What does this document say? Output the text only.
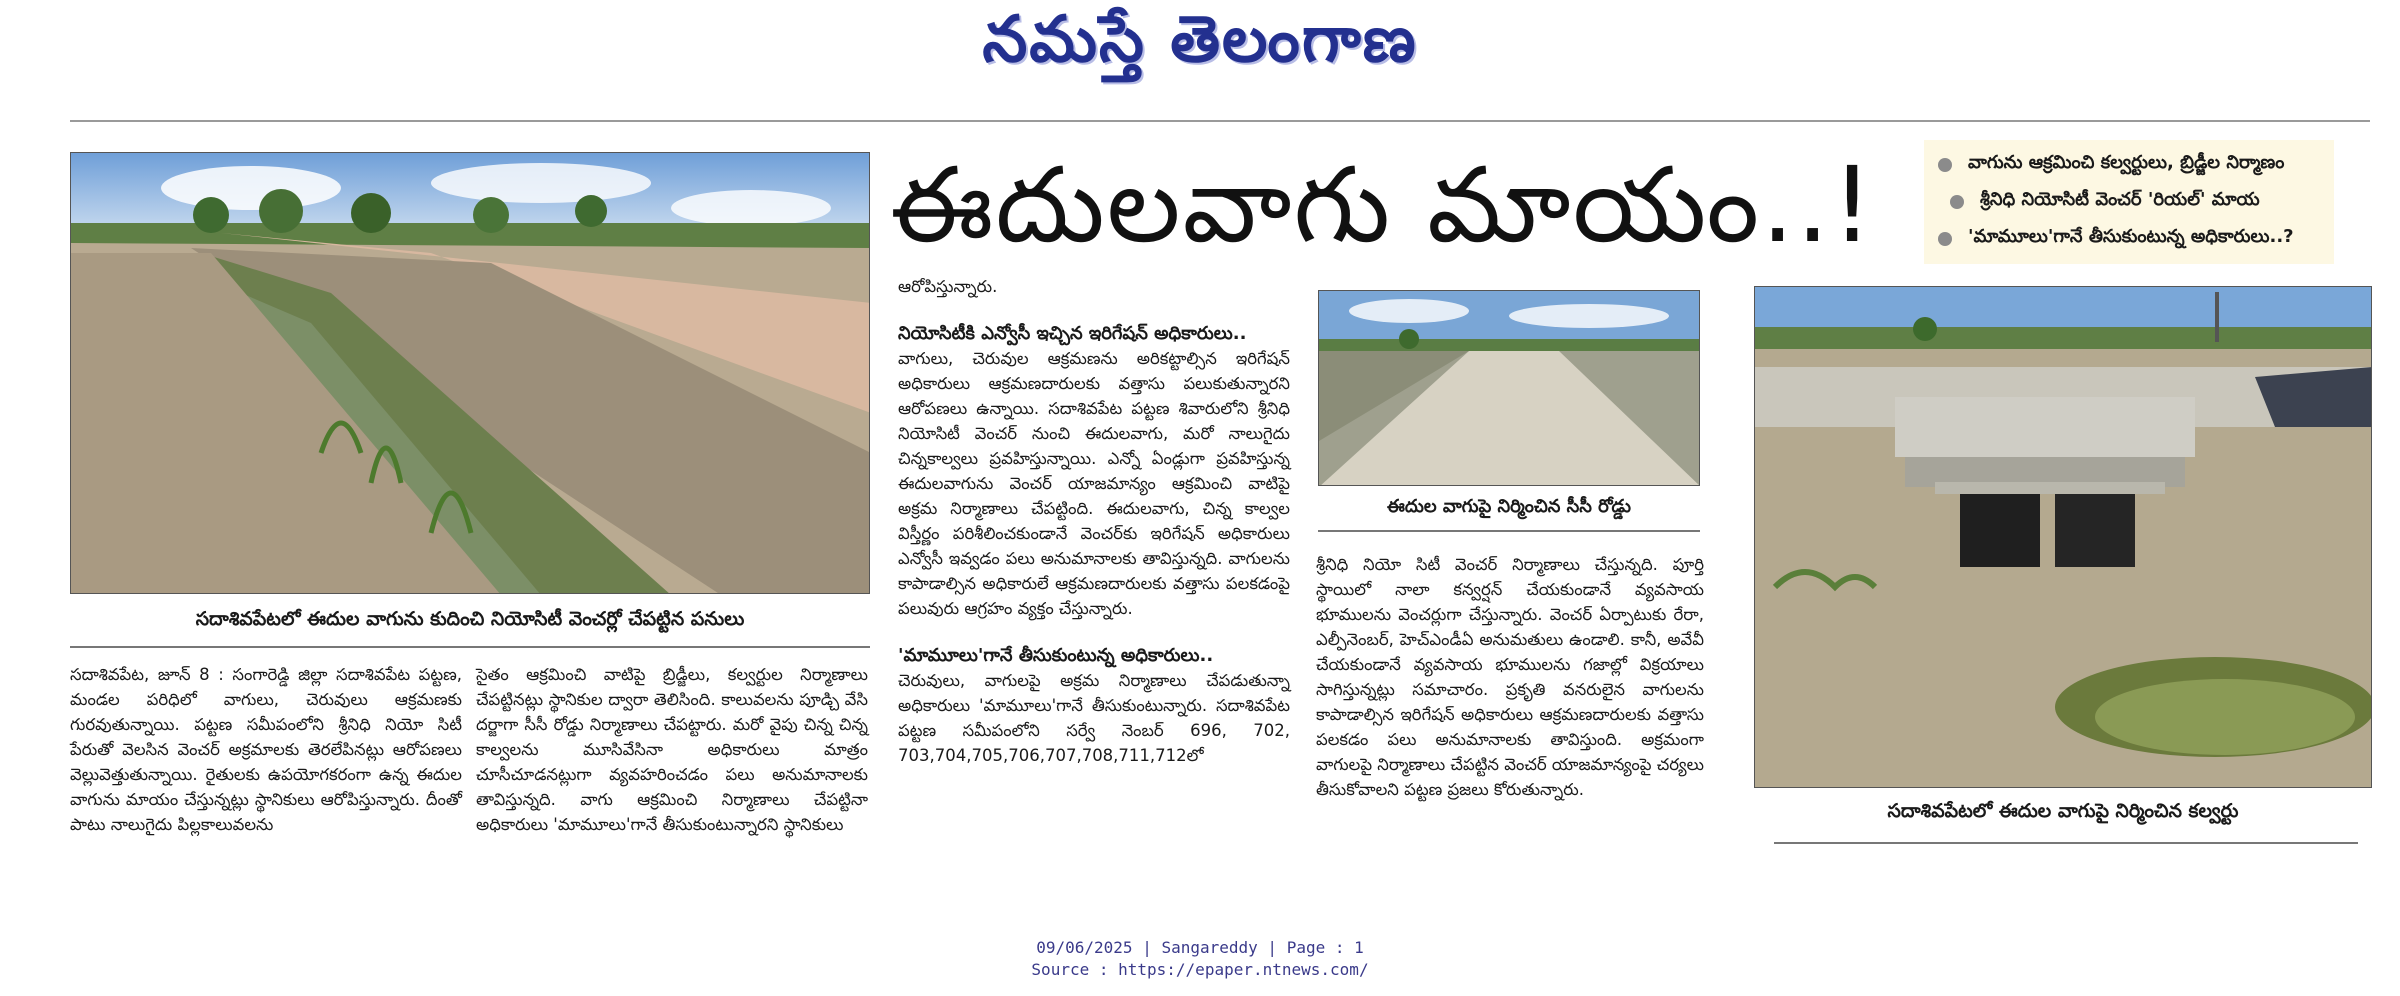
నమస్తే తెలంగాణ
సదాశివపేటలో ఈదుల వాగును కుదించి నియోసిటీ వెంచర్లో చేపట్టిన పనులు
ఈదులవాగు మాయం..!	వాగును ఆక్రమించి కల్వర్టులు, బ్రిడ్జీల నిర్మాణం
శ్రీనిధి నియోసిటీ వెంచర్ 'రియల్' మాయ
'మామూలు'గానే తీసుకుంటున్న అధికారులు..?
ఈదుల వాగుపై నిర్మించిన సీసీ రోడ్డు
సదాశివపేటలో ఈదుల వాగుపై నిర్మించిన కల్వర్టు

సదాశివపేట, జూన్ 8 : సంగారెడ్డి జిల్లా సదాశివపేట పట్టణ, మండల పరిధిలో వాగులు, చెరువులు ఆక్రమణకు గురవుతున్నాయి. పట్టణ సమీపంలోని శ్రీనిధి నియో సిటీ పేరుతో వెలసిన వెంచర్ అక్రమాలకు తెరలేపినట్లు ఆరోపణలు వెల్లువెత్తుతున్నాయి. రైతులకు ఉపయోగకరంగా ఉన్న ఈదుల వాగును మాయం చేస్తున్నట్లు స్థానికులు ఆరోపిస్తున్నారు. దీంతో పాటు నాలుగైదు పిల్లకాలువలను

సైతం ఆక్రమించి వాటిపై బ్రిడ్జీలు, కల్వర్టుల నిర్మాణాలు చేపట్టినట్లు స్థానికుల ద్వారా తెలిసింది. కాలువలను పూడ్చి వేసి దర్జాగా సీసీ రోడ్డు నిర్మాణాలు చేపట్టారు. మరో వైపు చిన్న చిన్న కాల్వలను మూసివేసినా అధికారులు మాత్రం చూసీచూడనట్లుగా వ్యవహరించడం పలు అనుమానాలకు తావిస్తున్నది. వాగు ఆక్రమించి నిర్మాణాలు చేపట్టినా అధికారులు 'మామూలు'గానే తీసుకుంటున్నారని స్థానికులు

ఆరోపిస్తున్నారు.

నియోసిటీకి ఎన్వోసీ ఇచ్చిన ఇరిగేషన్ అధికారులు..

వాగులు, చెరువుల ఆక్రమణను అరికట్టాల్సిన ఇరిగేషన్ అధికారులు ఆక్రమణదారులకు వత్తాసు పలుకుతున్నారని ఆరోపణలు ఉన్నాయి. సదాశివపేట పట్టణ శివారులోని శ్రీనిధి నియోసిటీ వెంచర్ నుంచి ఈదులవాగు, మరో నాలుగైదు చిన్నకాల్వలు ప్రవహిస్తున్నాయి. ఎన్నో ఏండ్లుగా ప్రవహిస్తున్న ఈదులవాగును వెంచర్ యాజమాన్యం ఆక్రమించి వాటిపై అక్రమ నిర్మాణాలు చేపట్టింది. ఈదులవాగు, చిన్న కాల్వల విస్తీర్ణం పరిశీలించకుండానే వెంచర్‌కు ఇరిగేషన్ అధికారులు ఎన్వోసీ ఇవ్వడం పలు అనుమానాలకు తావిస్తున్నది. వాగులను కాపాడాల్సిన అధికారులే ఆక్రమణదారులకు వత్తాసు పలకడంపై పలువురు ఆగ్రహం వ్యక్తం చేస్తున్నారు.

'మామూలు'గానే తీసుకుంటున్న అధికారులు..

చెరువులు, వాగులపై అక్రమ నిర్మాణాలు చేపడుతున్నా అధికారులు 'మామూలు'గానే తీసుకుంటున్నారు. సదాశివపేట పట్టణ సమీపంలోని సర్వే నెంబర్ 696, 702, 703,704,705,706,707,708,711,712లో

శ్రీనిధి నియో సిటీ వెంచర్ నిర్మాణాలు చేస్తున్నది. పూర్తి స్థాయిలో నాలా కన్వర్షన్ చేయకుండానే వ్యవసాయ భూములను వెంచర్లుగా చేస్తున్నారు. వెంచర్ ఏర్పాటుకు రేరా, ఎల్పీనెంబర్, హెచ్ఎండీఏ అనుమతులు ఉండాలి. కానీ, అవేవీ చేయకుండానే వ్యవసాయ భూములను గజాల్లో విక్రయాలు సాగిస్తున్నట్లు సమాచారం. ప్రకృతి వనరులైన వాగులను కాపాడాల్సిన ఇరిగేషన్ అధికారులు ఆక్రమణదారులకు వత్తాసు పలకడం పలు అనుమానాలకు తావిస్తుంది. అక్రమంగా వాగులపై నిర్మాణాలు చేపట్టిన వెంచర్ యాజమాన్యంపై చర్యలు తీసుకోవాలని పట్టణ ప్రజలు కోరుతున్నారు.

09/06/2025 | Sangareddy | Page : 1
Source : https://epaper.ntnews.com/
